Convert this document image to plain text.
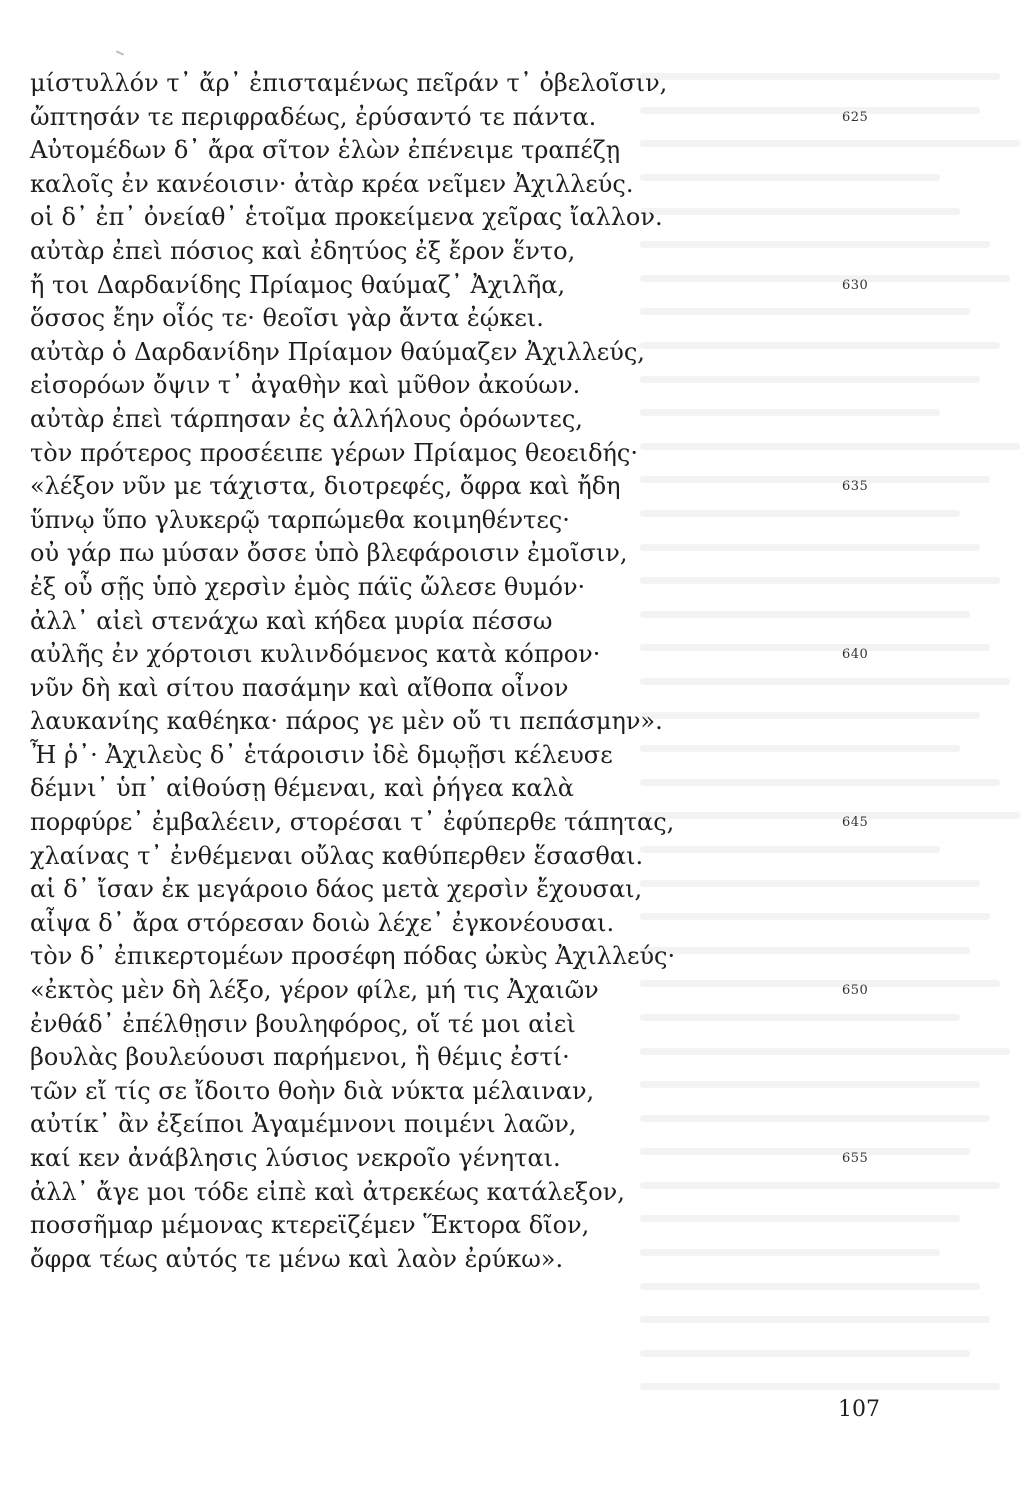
μίστυλλόν τ᾽ ἄρ᾽ ἐπισταμένως πεῖράν τ᾽ ὀβελοῖσιν,
ὤπτησάν τε περιφραδέως, ἐρύσαντό τε πάντα.	625
Αὐτομέδων δ᾽ ἄρα σῖτον ἑλὼν ἐπένειμε τραπέζῃ
καλοῖς ἐν κανέοισιν· ἀτὰρ κρέα νεῖμεν Ἀχιλλεύς.
οἱ δ᾽ ἐπ᾽ ὀνείαθ᾽ ἑτοῖμα προκείμενα χεῖρας ἴαλλον.
αὐτὰρ ἐπεὶ πόσιος καὶ ἐδητύος ἐξ ἔρον ἕντο,
ἤ τοι Δαρδανίδης Πρίαμος θαύμαζ᾽ Ἀχιλῆα,	630
ὅσσος ἔην οἷός τε· θεοῖσι γὰρ ἄντα ἐῴκει.
αὐτὰρ ὁ Δαρδανίδην Πρίαμον θαύμαζεν Ἀχιλλεύς,
εἰσορόων ὄψιν τ᾽ ἀγαθὴν καὶ μῦθον ἀκούων.
αὐτὰρ ἐπεὶ τάρπησαν ἐς ἀλλήλους ὁρόωντες,
τὸν πρότερος προσέειπε γέρων Πρίαμος θεοειδής·
«λέξον νῦν με τάχιστα, διοτρεφές, ὄφρα καὶ ἤδη	635
ὕπνῳ ὕπο γλυκερῷ ταρπώμεθα κοιμηθέντες·
οὐ γάρ πω μύσαν ὄσσε ὑπὸ βλεφάροισιν ἐμοῖσιν,
ἐξ οὗ σῇς ὑπὸ χερσὶν ἐμὸς πάϊς ὤλεσε θυμόν·
ἀλλ᾽ αἰεὶ στενάχω καὶ κήδεα μυρία πέσσω
αὐλῆς ἐν χόρτοισι κυλινδόμενος κατὰ κόπρον·	640
νῦν δὴ καὶ σίτου πασάμην καὶ αἴθοπα οἶνον
λαυκανίης καθέηκα· πάρος γε μὲν οὔ τι πεπάσμην».
Ἦ ῥ᾽· Ἀχιλεὺς δ᾽ ἑτάροισιν ἰδὲ δμῳῇσι κέλευσε
δέμνι᾽ ὑπ᾽ αἰθούσῃ θέμεναι, καὶ ῥήγεα καλὰ
πορφύρε᾽ ἐμβαλέειν, στορέσαι τ᾽ ἐφύπερθε τάπητας,	645
χλαίνας τ᾽ ἐνθέμεναι οὔλας καθύπερθεν ἕσασθαι.
αἱ δ᾽ ἴσαν ἐκ μεγάροιο δάος μετὰ χερσὶν ἔχουσαι,
αἶψα δ᾽ ἄρα στόρεσαν δοιὼ λέχε᾽ ἐγκονέουσαι.
τὸν δ᾽ ἐπικερτομέων προσέφη πόδας ὠκὺς Ἀχιλλεύς·
«ἐκτὸς μὲν δὴ λέξο, γέρον φίλε, μή τις Ἀχαιῶν	650
ἐνθάδ᾽ ἐπέλθῃσιν βουληφόρος, οἵ τέ μοι αἰεὶ
βουλὰς βουλεύουσι παρήμενοι, ἣ θέμις ἐστί·
τῶν εἴ τίς σε ἴδοιτο θοὴν διὰ νύκτα μέλαιναν,
αὐτίκ᾽ ἂν ἐξείποι Ἀγαμέμνονι ποιμένι λαῶν,
καί κεν ἀνάβλησις λύσιος νεκροῖο γένηται.	655
ἀλλ᾽ ἄγε μοι τόδε εἰπὲ καὶ ἀτρεκέως κατάλεξον,
ποσσῆμαρ μέμονας κτερεϊζέμεν Ἕκτορα δῖον,
ὄφρα τέως αὐτός τε μένω καὶ λαὸν ἐρύκω».
107
